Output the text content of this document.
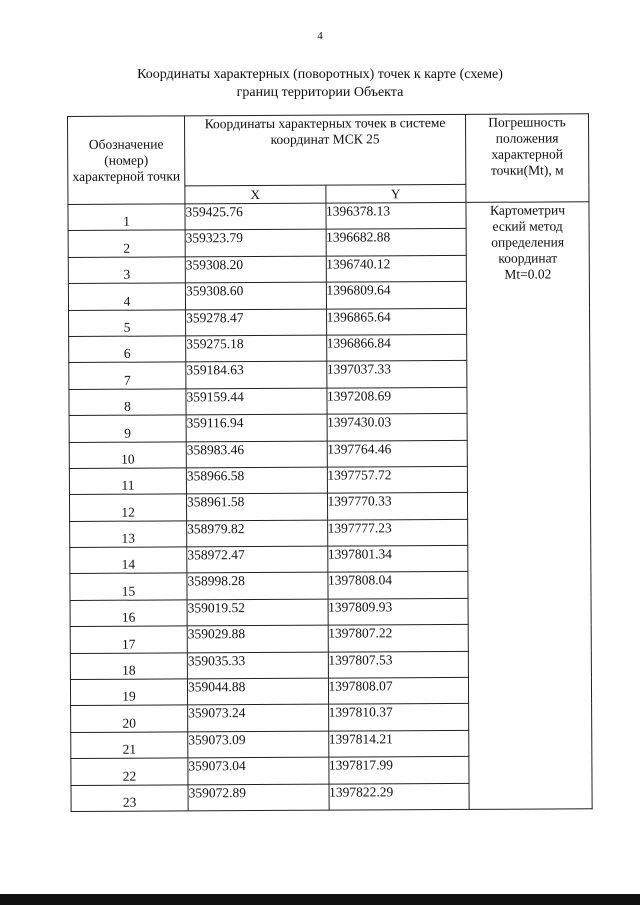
4
Координаты характерных (поворотных) точек к карте (схеме)
границ территории Объекта
Обозначение (номер) характерной точки	Координаты характерных точек в системе координат МСК 25		Погрешность положения характерной точки(Mt), м
	X	Y	
1	359425.76	1396378.13	Картометрич
еский метод
определения
координат
Mt=0.02

2	359323.79	1396682.88	
3	359308.20	1396740.12	
4	359308.60	1396809.64	
5	359278.47	1396865.64	
6	359275.18	1396866.84	
7	359184.63	1397037.33	
8	359159.44	1397208.69	
9	359116.94	1397430.03	
10	358983.46	1397764.46	
11	358966.58	1397757.72	
12	358961.58	1397770.33	
13	358979.82	1397777.23	
14	358972.47	1397801.34	
15	358998.28	1397808.04	
16	359019.52	1397809.93	
17	359029.88	1397807.22	
18	359035.33	1397807.53	
19	359044.88	1397808.07	
20	359073.24	1397810.37	
21	359073.09	1397814.21	
22	359073.04	1397817.99	
23	359072.89	1397822.29	
